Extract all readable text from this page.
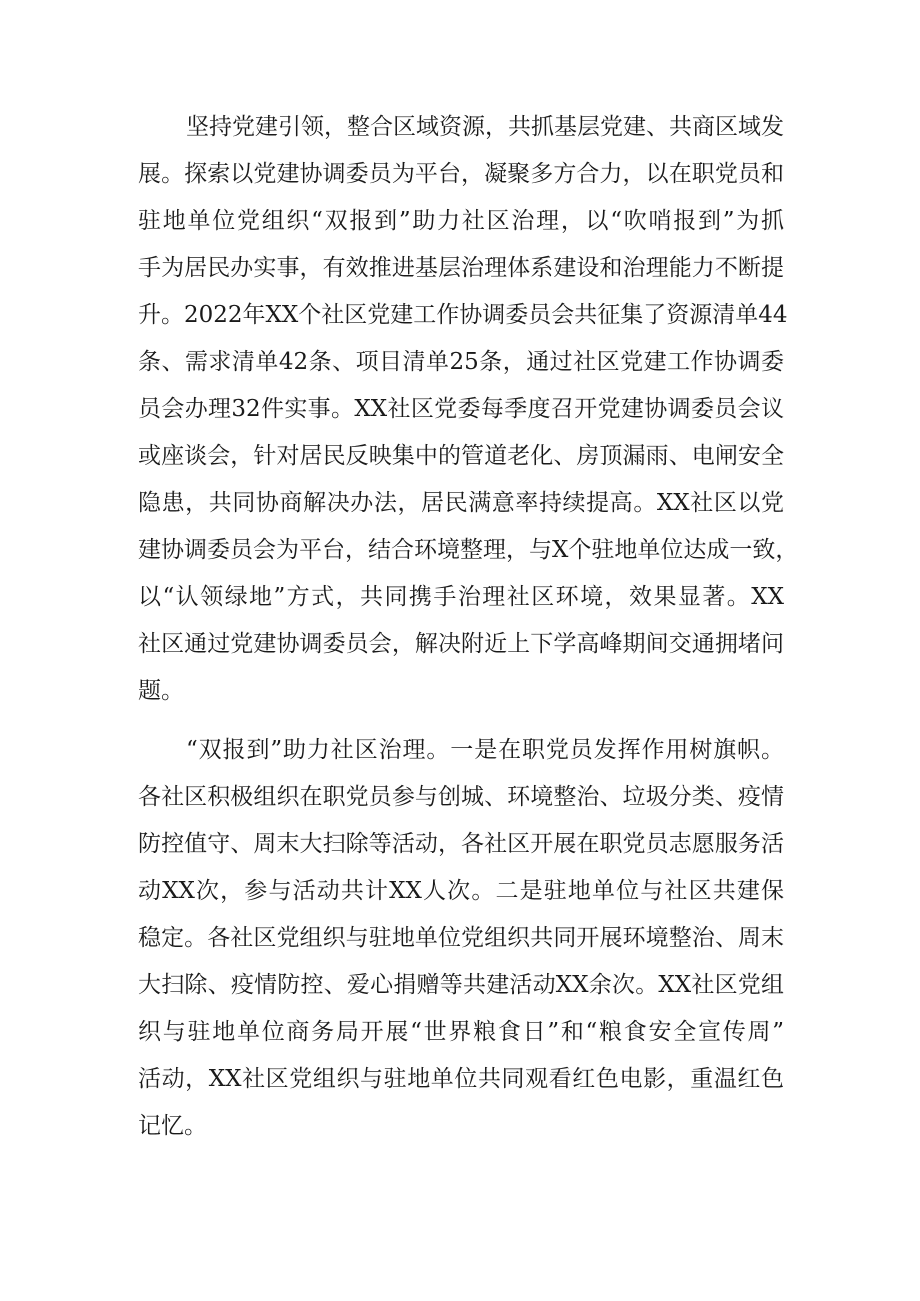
坚持党建引领，整合区域资源，共抓基层党建、共商区域发
展。探索以党建协调委员为平台，凝聚多方合力，以在职党员和
驻地单位党组织“双报到”助力社区治理，以“吹哨报到”为抓
手为居民办实事，有效推进基层治理体系建设和治理能力不断提
升。2022年XX个社区党建工作协调委员会共征集了资源清单44
条、需求清单42条、项目清单25条，通过社区党建工作协调委
员会办理32件实事。XX社区党委每季度召开党建协调委员会议
或座谈会，针对居民反映集中的管道老化、房顶漏雨、电闸安全
隐患，共同协商解决办法，居民满意率持续提高。XX社区以党
建协调委员会为平台，结合环境整理，与X个驻地单位达成一致，
以“认领绿地”方式，共同携手治理社区环境，效果显著。XX
社区通过党建协调委员会，解决附近上下学高峰期间交通拥堵问
题。
“双报到”助力社区治理。一是在职党员发挥作用树旗帜。
各社区积极组织在职党员参与创城、环境整治、垃圾分类、疫情
防控值守、周末大扫除等活动，各社区开展在职党员志愿服务活
动XX次，参与活动共计XX人次。二是驻地单位与社区共建保
稳定。各社区党组织与驻地单位党组织共同开展环境整治、周末
大扫除、疫情防控、爱心捐赠等共建活动XX余次。XX社区党组
织与驻地单位商务局开展“世界粮食日”和“粮食安全宣传周”
活动，XX社区党组织与驻地单位共同观看红色电影，重温红色
记忆。
